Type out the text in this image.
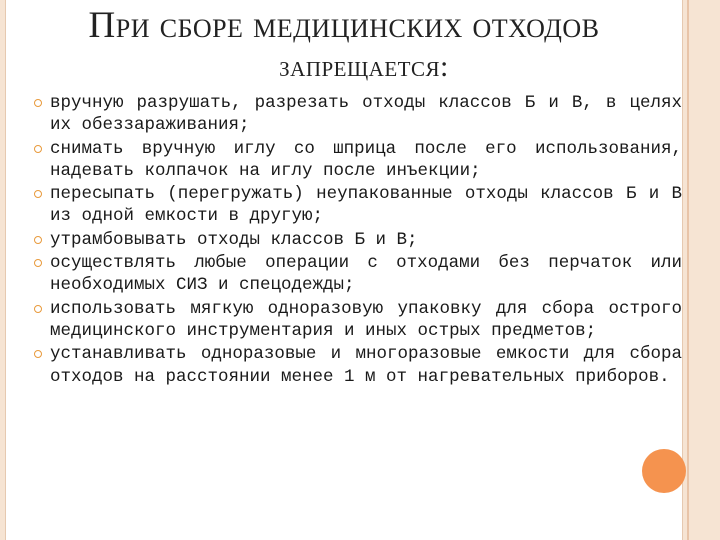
При сборе медицинских отходов
запрещается:
вручную разрушать, разрезать отходы классов Б и В, в целях их обеззараживания;
снимать вручную иглу со шприца после его использования, надевать колпачок на иглу после инъекции;
пересыпать (перегружать) неупакованные отходы классов Б и В из одной емкости в другую;
утрамбовывать отходы классов Б и В;
осуществлять любые операции с отходами без перчаток или необходимых СИЗ и спецодежды;
использовать мягкую одноразовую упаковку для сбора острого медицинского инструментария и иных острых предметов;
устанавливать одноразовые и многоразовые емкости для сбора отходов на расстоянии менее 1 м от нагревательных приборов.
